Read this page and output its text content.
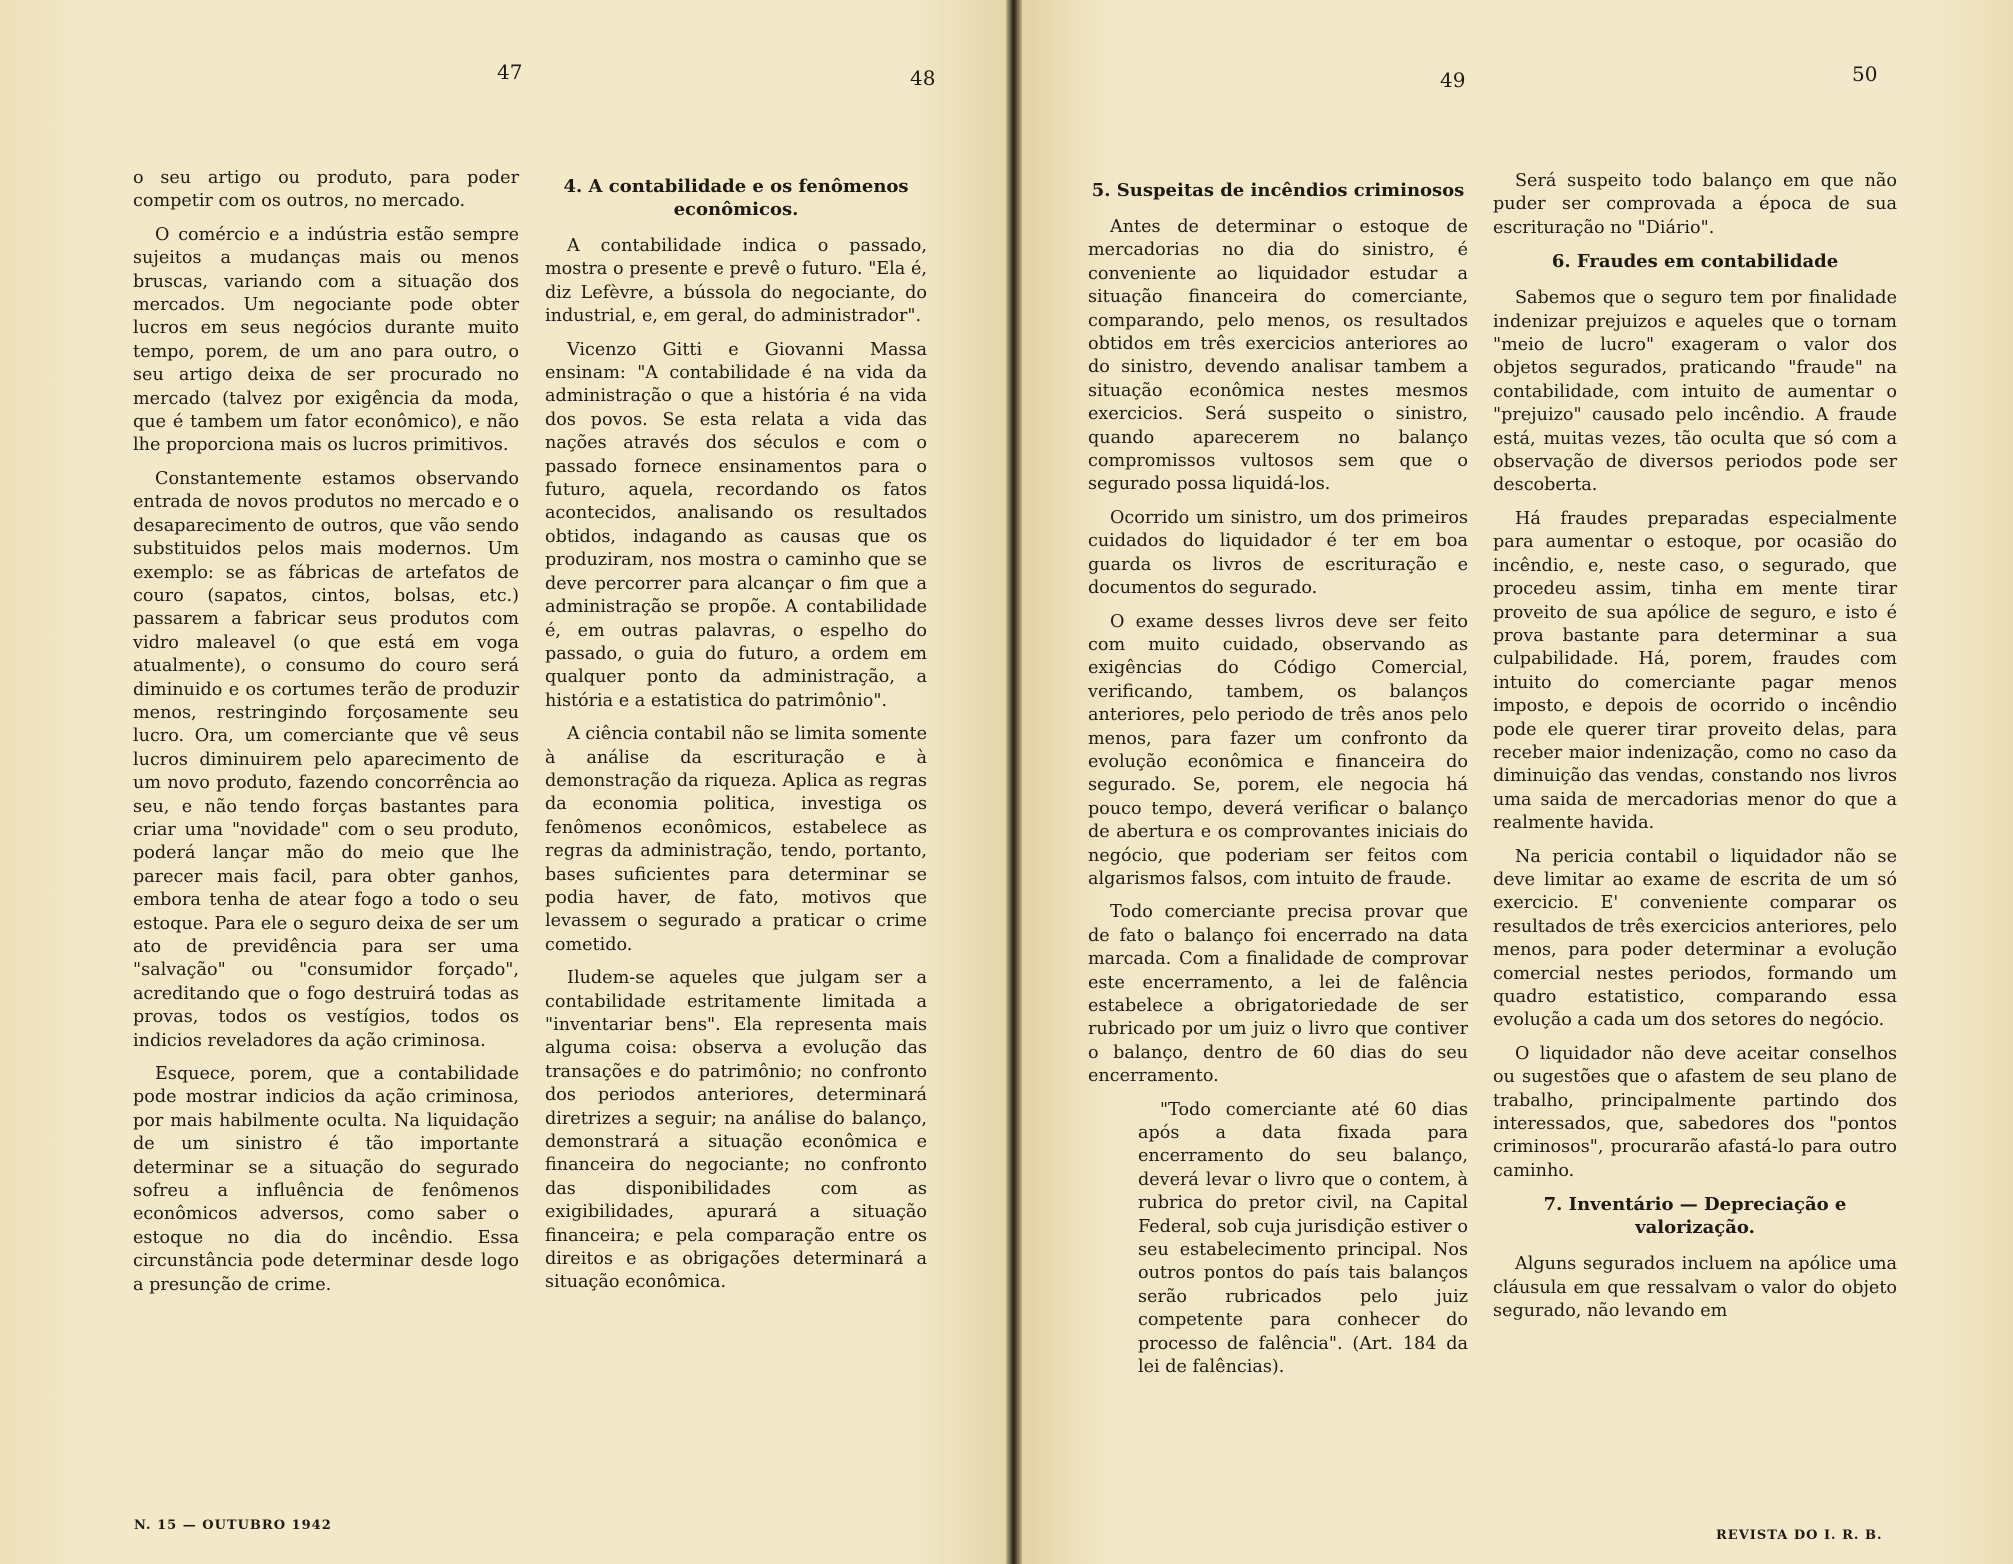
47	48	49	50

o seu artigo ou produto, para poder competir com os outros, no mercado.

O comércio e a indústria estão sempre sujeitos a mudanças mais ou menos bruscas, variando com a situação dos mercados. Um negociante pode obter lucros em seus negócios durante muito tempo, porem, de um ano para outro, o seu artigo deixa de ser procurado no mercado (talvez por exigência da moda, que é tambem um fator econômico), e não lhe proporciona mais os lucros primitivos.

Constantemente estamos observando entrada de novos produtos no mercado e o desaparecimento de outros, que vão sendo substituidos pelos mais modernos. Um exemplo: se as fábricas de artefatos de couro (sapatos, cintos, bolsas, etc.) passarem a fabricar seus produtos com vidro maleavel (o que está em voga atualmente), o consumo do couro será diminuido e os cortumes terão de produzir menos, restringindo forçosamente seu lucro. Ora, um comerciante que vê seus lucros diminuirem pelo aparecimento de um novo produto, fazendo concorrência ao seu, e não tendo forças bastantes para criar uma "novidade" com o seu produto, poderá lançar mão do meio que lhe parecer mais facil, para obter ganhos, embora tenha de atear fogo a todo o seu estoque. Para ele o seguro deixa de ser um ato de previdência para ser uma "salvação" ou "consumidor forçado", acreditando que o fogo destruirá todas as provas, todos os vestígios, todos os indicios reveladores da ação criminosa.

Esquece, porem, que a contabilidade pode mostrar indicios da ação criminosa, por mais habilmente oculta. Na liquidação de um sinistro é tão importante determinar se a situação do segurado sofreu a influência de fenômenos econômicos adversos, como saber o estoque no dia do incêndio. Essa circunstância pode determinar desde logo a presunção de crime.

4. A contabilidade e os fenômenos econômicos.

A contabilidade indica o passado, mostra o presente e prevê o futuro. "Ela é, diz Lefèvre, a bússola do negociante, do industrial, e, em geral, do administrador".

Vicenzo Gitti e Giovanni Massa ensinam: "A contabilidade é na vida da administração o que a história é na vida dos povos. Se esta relata a vida das nações através dos séculos e com o passado fornece ensinamentos para o futuro, aquela, recordando os fatos acontecidos, analisando os resultados obtidos, indagando as causas que os produziram, nos mostra o caminho que se deve percorrer para alcançar o fim que a administração se propõe. A contabilidade é, em outras palavras, o espelho do passado, o guia do futuro, a ordem em qualquer ponto da administração, a história e a estatistica do patrimônio".

A ciência contabil não se limita somente à análise da escrituração e à demonstração da riqueza. Aplica as regras da economia politica, investiga os fenômenos econômicos, estabelece as regras da administração, tendo, portanto, bases suficientes para determinar se podia haver, de fato, motivos que levassem o segurado a praticar o crime cometido.

Iludem-se aqueles que julgam ser a contabilidade estritamente limitada a "inventariar bens". Ela representa mais alguma coisa: observa a evolução das transações e do patrimônio; no confronto dos periodos anteriores, determinará diretrizes a seguir; na análise do balanço, demonstrará a situação econômica e financeira do negociante; no confronto das disponibilidades com as exigibilidades, apurará a situação financeira; e pela comparação entre os direitos e as obrigações determinará a situação econômica.

5. Suspeitas de incêndios criminosos

Antes de determinar o estoque de mercadorias no dia do sinistro, é conveniente ao liquidador estudar a situação financeira do comerciante, comparando, pelo menos, os resultados obtidos em três exercicios anteriores ao do sinistro, devendo analisar tambem a situação econômica nestes mesmos exercicios. Será suspeito o sinistro, quando aparecerem no balanço compromissos vultosos sem que o segurado possa liquidá-los.

Ocorrido um sinistro, um dos primeiros cuidados do liquidador é ter em boa guarda os livros de escrituração e documentos do segurado.

O exame desses livros deve ser feito com muito cuidado, observando as exigências do Código Comercial, verificando, tambem, os balanços anteriores, pelo periodo de três anos pelo menos, para fazer um confronto da evolução econômica e financeira do segurado. Se, porem, ele negocia há pouco tempo, deverá verificar o balanço de abertura e os comprovantes iniciais do negócio, que poderiam ser feitos com algarismos falsos, com intuito de fraude.

Todo comerciante precisa provar que de fato o balanço foi encerrado na data marcada. Com a finalidade de comprovar este encerramento, a lei de falência estabelece a obrigatoriedade de ser rubricado por um juiz o livro que contiver o balanço, dentro de 60 dias do seu encerramento.

"Todo comerciante até 60 dias após a data fixada para encerramento do seu balanço, deverá levar o livro que o contem, à rubrica do pretor civil, na Capital Federal, sob cuja jurisdição estiver o seu estabelecimento principal. Nos outros pontos do país tais balanços serão rubricados pelo juiz competente para conhecer do processo de falência". (Art. 184 da lei de falências).

Será suspeito todo balanço em que não puder ser comprovada a época de sua escrituração no "Diário".

6. Fraudes em contabilidade

Sabemos que o seguro tem por finalidade indenizar prejuizos e aqueles que o tornam "meio de lucro" exageram o valor dos objetos segurados, praticando "fraude" na contabilidade, com intuito de aumentar o "prejuizo" causado pelo incêndio. A fraude está, muitas vezes, tão oculta que só com a observação de diversos periodos pode ser descoberta.

Há fraudes preparadas especialmente para aumentar o estoque, por ocasião do incêndio, e, neste caso, o segurado, que procedeu assim, tinha em mente tirar proveito de sua apólice de seguro, e isto é prova bastante para determinar a sua culpabilidade. Há, porem, fraudes com intuito do comerciante pagar menos imposto, e depois de ocorrido o incêndio pode ele querer tirar proveito delas, para receber maior indenização, como no caso da diminuição das vendas, constando nos livros uma saida de mercadorias menor do que a realmente havida.

Na pericia contabil o liquidador não se deve limitar ao exame de escrita de um só exercicio. E' conveniente comparar os resultados de três exercicios anteriores, pelo menos, para poder determinar a evolução comercial nestes periodos, formando um quadro estatistico, comparando essa evolução a cada um dos setores do negócio.

O liquidador não deve aceitar conselhos ou sugestões que o afastem de seu plano de trabalho, principalmente partindo dos interessados, que, sabedores dos "pontos criminosos", procurarão afastá-lo para outro caminho.

7. Inventário — Depreciação e valorização.

Alguns segurados incluem na apólice uma cláusula em que ressalvam o valor do objeto segurado, não levando em

N. 15 — OUTUBRO 1942
REVISTA DO I. R. B.
